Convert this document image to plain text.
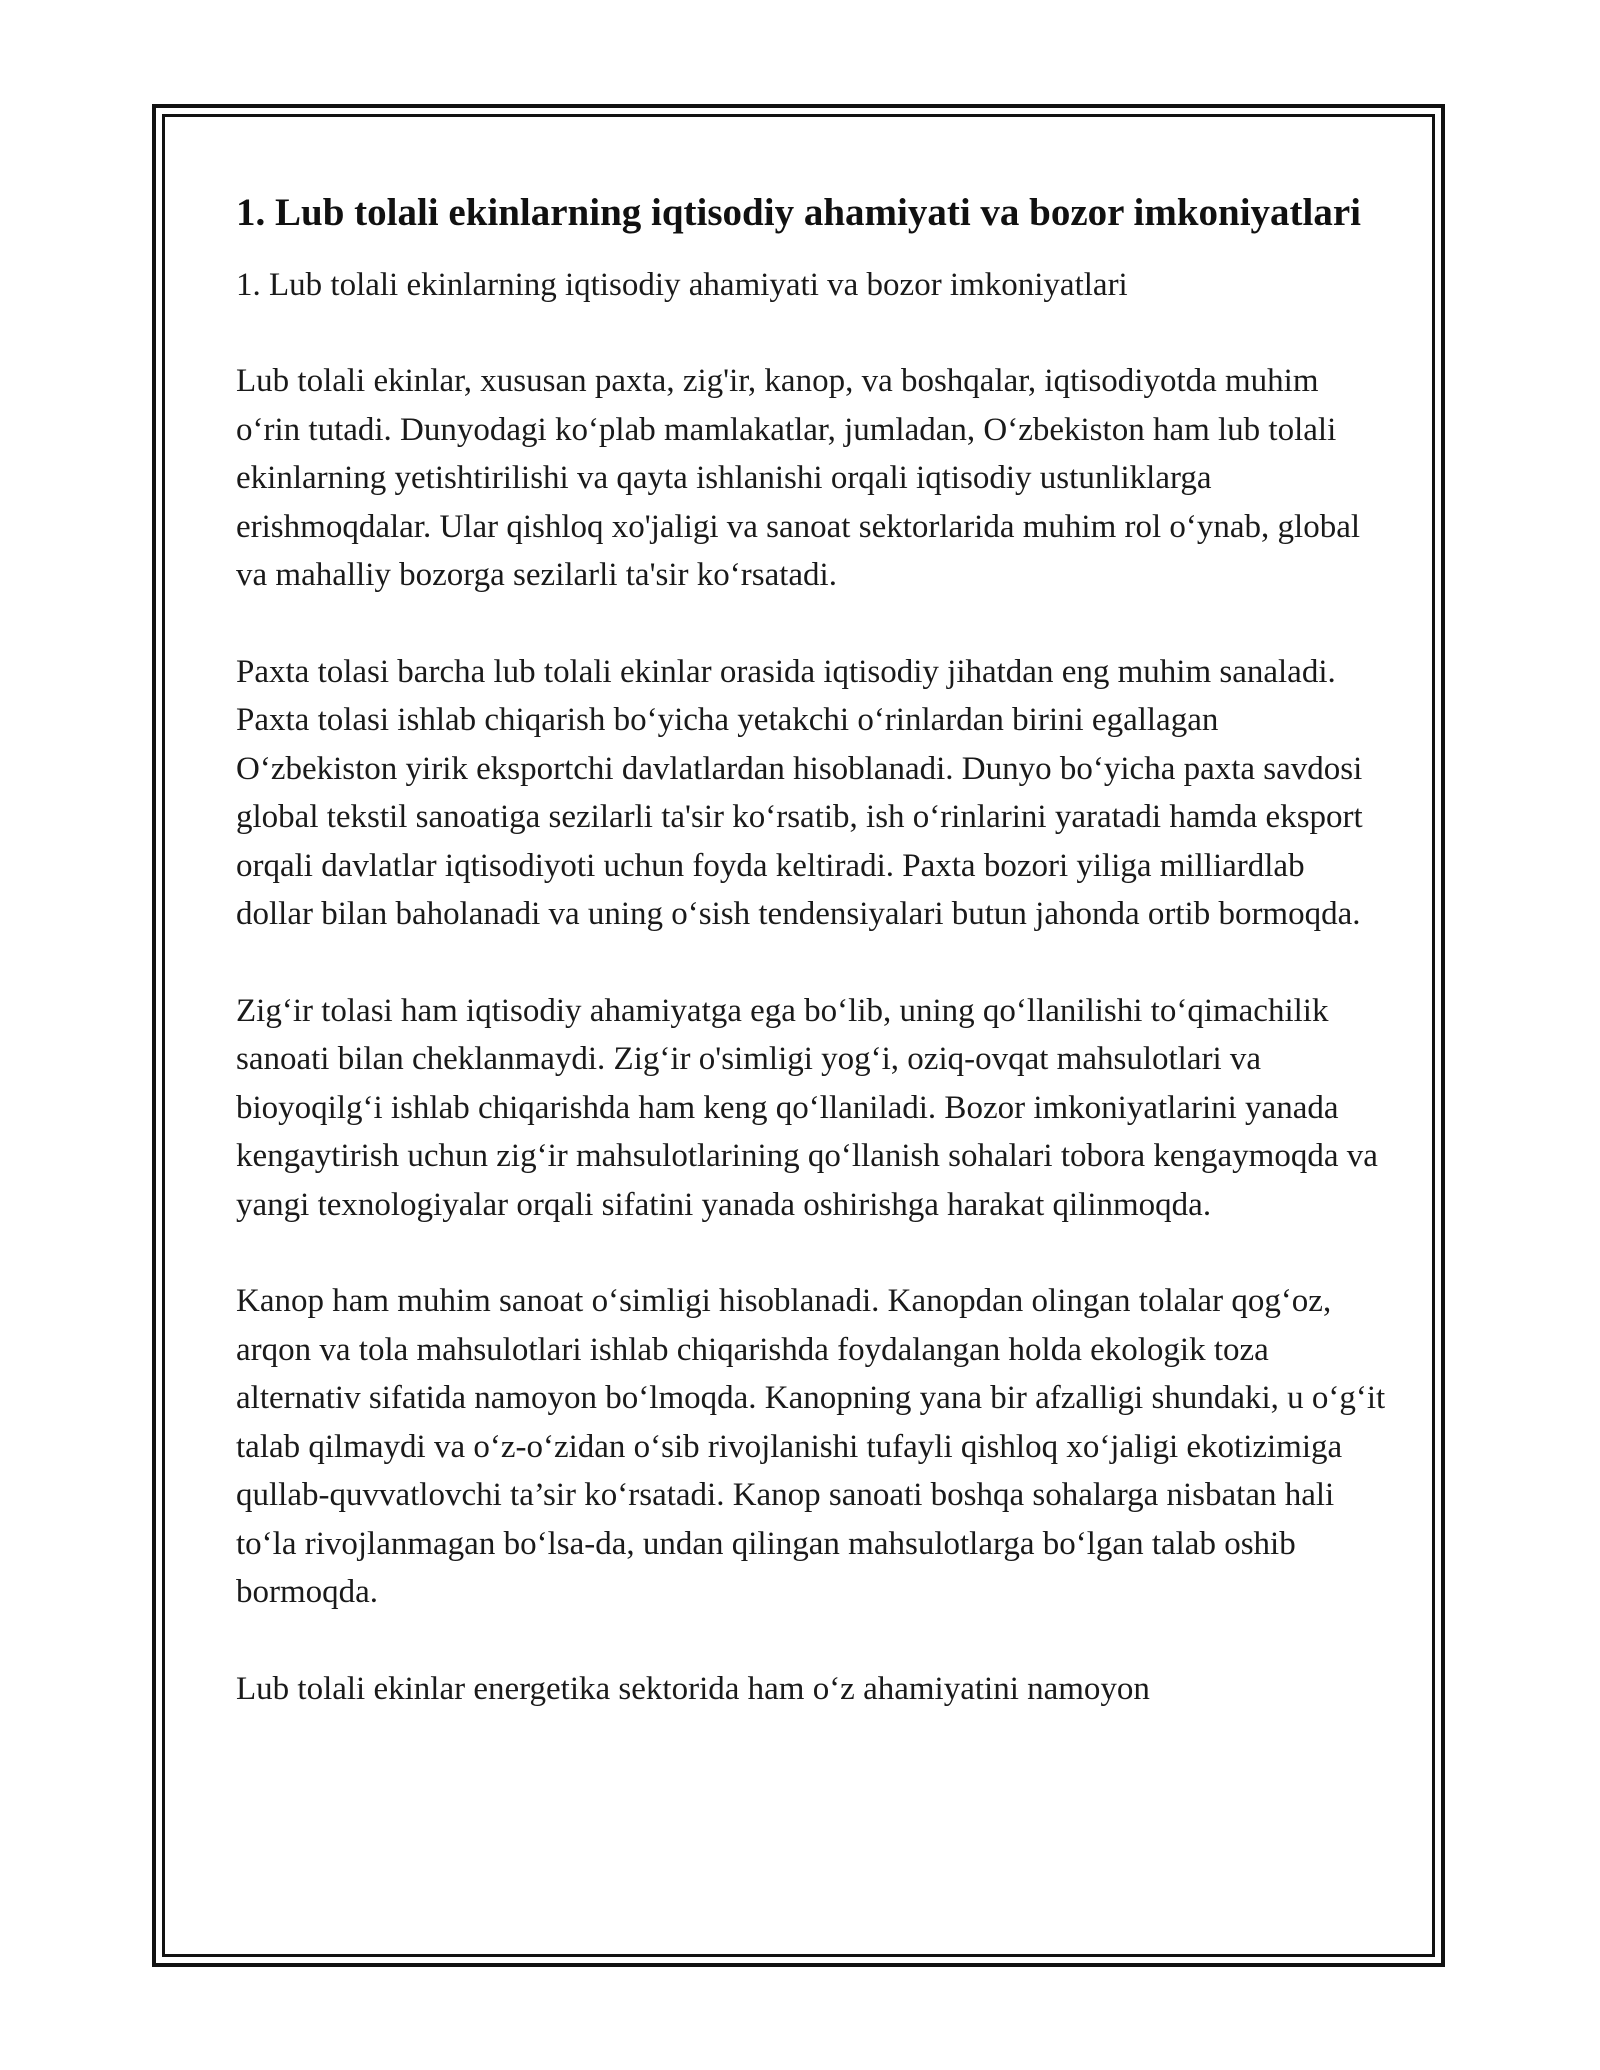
1. Lub tolali ekinlarning iqtisodiy ahamiyati va bozor imkoniyatlari
1. Lub tolali ekinlarning iqtisodiy ahamiyati va bozor imkoniyatlari

Lub tolali ekinlar, xususan paxta, zig'ir, kanop, va boshqalar, iqtisodiyotda muhim o‘rin tutadi. Dunyodagi ko‘plab mamlakatlar, jumladan, O‘zbekiston ham lub tolali ekinlarning yetishtirilishi va qayta ishlanishi orqali iqtisodiy ustunliklarga erishmoqdalar. Ular qishloq xo'jaligi va sanoat sektorlarida muhim rol o‘ynab, global va mahalliy bozorga sezilarli ta'sir ko‘rsatadi.

Paxta tolasi barcha lub tolali ekinlar orasida iqtisodiy jihatdan eng muhim sanaladi. Paxta tolasi ishlab chiqarish bo‘yicha yetakchi o‘rinlardan birini egallagan O‘zbekiston yirik eksportchi davlatlardan hisoblanadi. Dunyo bo‘yicha paxta savdosi global tekstil sanoatiga sezilarli ta'sir ko‘rsatib, ish o‘rinlarini yaratadi hamda eksport orqali davlatlar iqtisodiyoti uchun foyda keltiradi. Paxta bozori yiliga milliardlab dollar bilan baholanadi va uning o‘sish tendensiyalari butun jahonda ortib bormoqda.

Zig‘ir tolasi ham iqtisodiy ahamiyatga ega bo‘lib, uning qo‘llanilishi to‘qimachilik sanoati bilan cheklanmaydi. Zig‘ir o'simligi yog‘i, oziq-ovqat mahsulotlari va bioyoqilg‘i ishlab chiqarishda ham keng qo‘llaniladi. Bozor imkoniyatlarini yanada kengaytirish uchun zig‘ir mahsulotlarining qo‘llanish sohalari tobora kengaymoqda va yangi texnologiyalar orqali sifatini yanada oshirishga harakat qilinmoqda.

Kanop ham muhim sanoat o‘simligi hisoblanadi. Kanopdan olingan tolalar qog‘oz, arqon va tola mahsulotlari ishlab chiqarishda foydalangan holda ekologik toza alternativ sifatida namoyon bo‘lmoqda. Kanopning yana bir afzalligi shundaki, u o‘g‘it talab qilmaydi va o‘z-o‘zidan o‘sib rivojlanishi tufayli qishloq xo‘jaligi ekotizimiga qullab-quvvatlovchi ta’sir ko‘rsatadi. Kanop sanoati boshqa sohalarga nisbatan hali to‘la rivojlanmagan bo‘lsa-da, undan qilingan mahsulotlarga bo‘lgan talab oshib bormoqda.

Lub tolali ekinlar energetika sektorida ham o‘z ahamiyatini namoyon
